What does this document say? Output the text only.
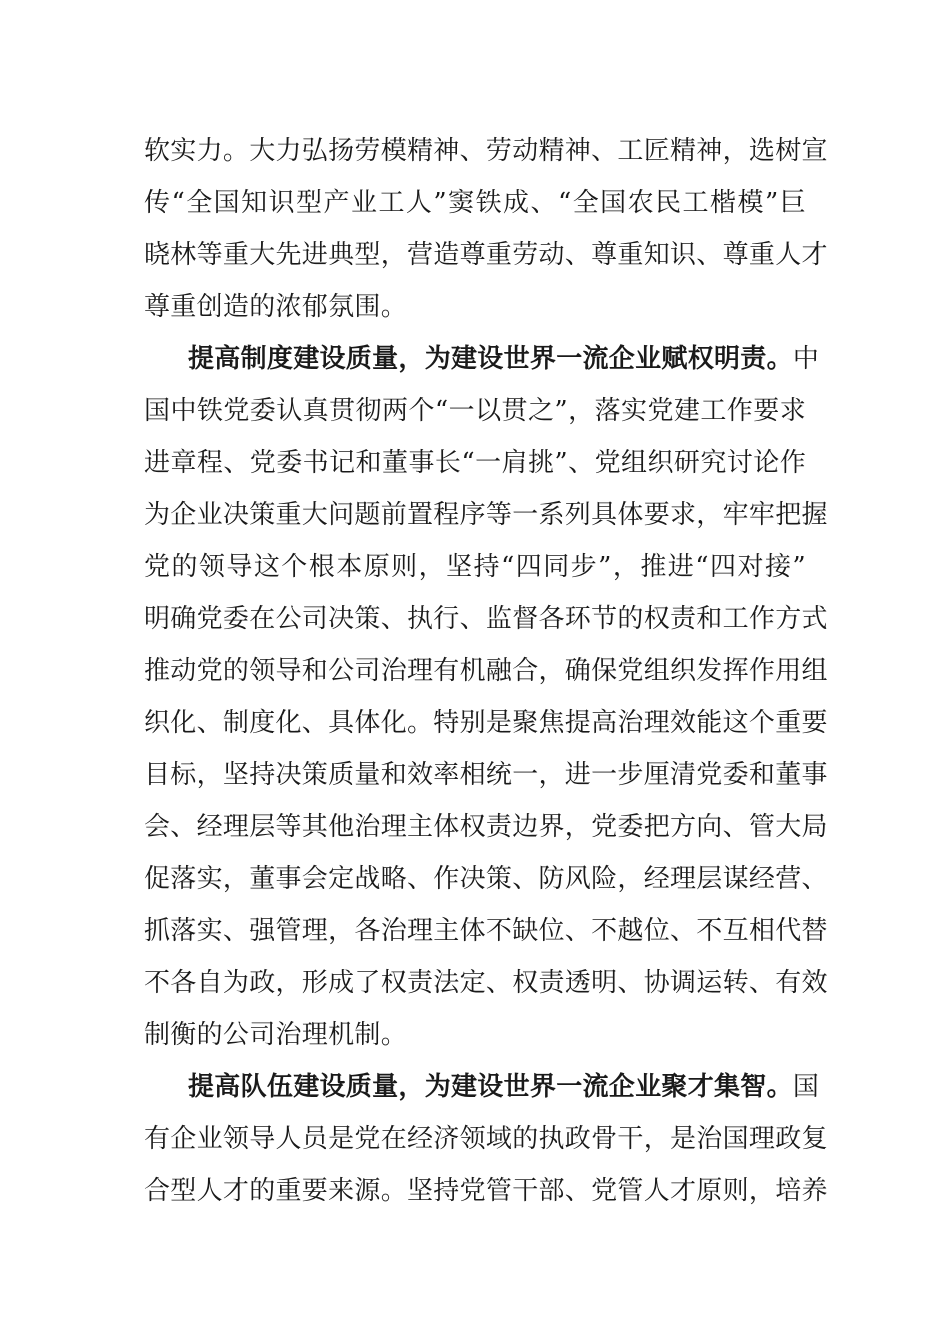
软实力。大力弘扬劳模精神、劳动精神、工匠精神，选树宣
传“全国知识型产业工人”窦铁成、“全国农民工楷模”巨
晓林等重大先进典型，营造尊重劳动、尊重知识、尊重人才
尊重创造的浓郁氛围。
提高制度建设质量，为建设世界一流企业赋权明责。中
国中铁党委认真贯彻两个“一以贯之”，落实党建工作要求
进章程、党委书记和董事长“一肩挑”、党组织研究讨论作
为企业决策重大问题前置程序等一系列具体要求，牢牢把握
党的领导这个根本原则，坚持“四同步”，推进“四对接”
明确党委在公司决策、执行、监督各环节的权责和工作方式
推动党的领导和公司治理有机融合，确保党组织发挥作用组
织化、制度化、具体化。特别是聚焦提高治理效能这个重要
目标，坚持决策质量和效率相统一，进一步厘清党委和董事
会、经理层等其他治理主体权责边界，党委把方向、管大局
促落实，董事会定战略、作决策、防风险，经理层谋经营、
抓落实、强管理，各治理主体不缺位、不越位、不互相代替
不各自为政，形成了权责法定、权责透明、协调运转、有效
制衡的公司治理机制。
提高队伍建设质量，为建设世界一流企业聚才集智。国
有企业领导人员是党在经济领域的执政骨干，是治国理政复
合型人才的重要来源。坚持党管干部、党管人才原则，培养
